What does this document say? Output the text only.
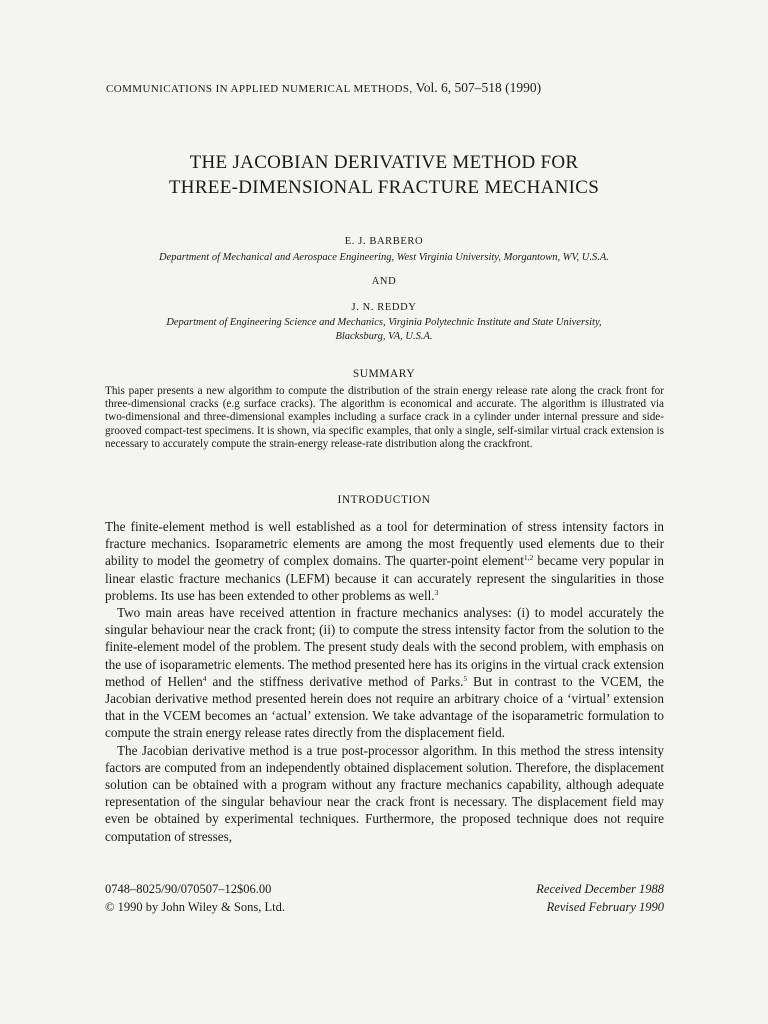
COMMUNICATIONS IN APPLIED NUMERICAL METHODS, Vol. 6, 507–518 (1990)
THE JACOBIAN DERIVATIVE METHOD FOR
THREE-DIMENSIONAL FRACTURE MECHANICS
E. J. BARBERO
Department of Mechanical and Aerospace Engineering, West Virginia University, Morgantown, WV, U.S.A.
AND
J. N. REDDY
Department of Engineering Science and Mechanics, Virginia Polytechnic Institute and State University,
Blacksburg, VA, U.S.A.
SUMMARY
This paper presents a new algorithm to compute the distribution of the strain energy release rate along the crack front for three-dimensional cracks (e.g surface cracks). The algorithm is economical and accurate. The algorithm is illustrated via two-dimensional and three-dimensional examples including a surface crack in a cylinder under internal pressure and side-grooved compact-test specimens. It is shown, via specific examples, that only a single, self-similar virtual crack extension is necessary to accurately compute the strain-energy release-rate distribution along the crackfront.
INTRODUCTION

The finite-element method is well established as a tool for determination of stress intensity factors in fracture mechanics. Isoparametric elements are among the most frequently used elements due to their ability to model the geometry of complex domains. The quarter-point element$^{1,2}$ became very popular in linear elastic fracture mechanics (LEFM) because it can accurately represent the singularities in those problems. Its use has been extended to other problems as well.$^3$

Two main areas have received attention in fracture mechanics analyses: (i) to model accurately the singular behaviour near the crack front; (ii) to compute the stress intensity factor from the solution to the finite-element model of the problem. The present study deals with the second problem, with emphasis on the use of isoparametric elements. The method presented here has its origins in the virtual crack extension method of Hellen$^4$ and the stiffness derivative method of Parks.$^5$ But in contrast to the VCEM, the Jacobian derivative method presented herein does not require an arbitrary choice of a ‘virtual’ extension that in the VCEM becomes an ‘actual’ extension. We take advantage of the isoparametric formulation to compute the strain energy release rates directly from the displacement field.

The Jacobian derivative method is a true post-processor algorithm. In this method the stress intensity factors are computed from an independently obtained displacement solution. Therefore, the displacement solution can be obtained with a program without any fracture mechanics capability, although adequate representation of the singular behaviour near the crack front is necessary. The displacement field may even be obtained by experimental techniques. Furthermore, the proposed technique does not require computation of stresses,

0748–8025/90/070507–12$06.00
© 1990 by John Wiley & Sons, Ltd.
Received December 1988
Revised February 1990
